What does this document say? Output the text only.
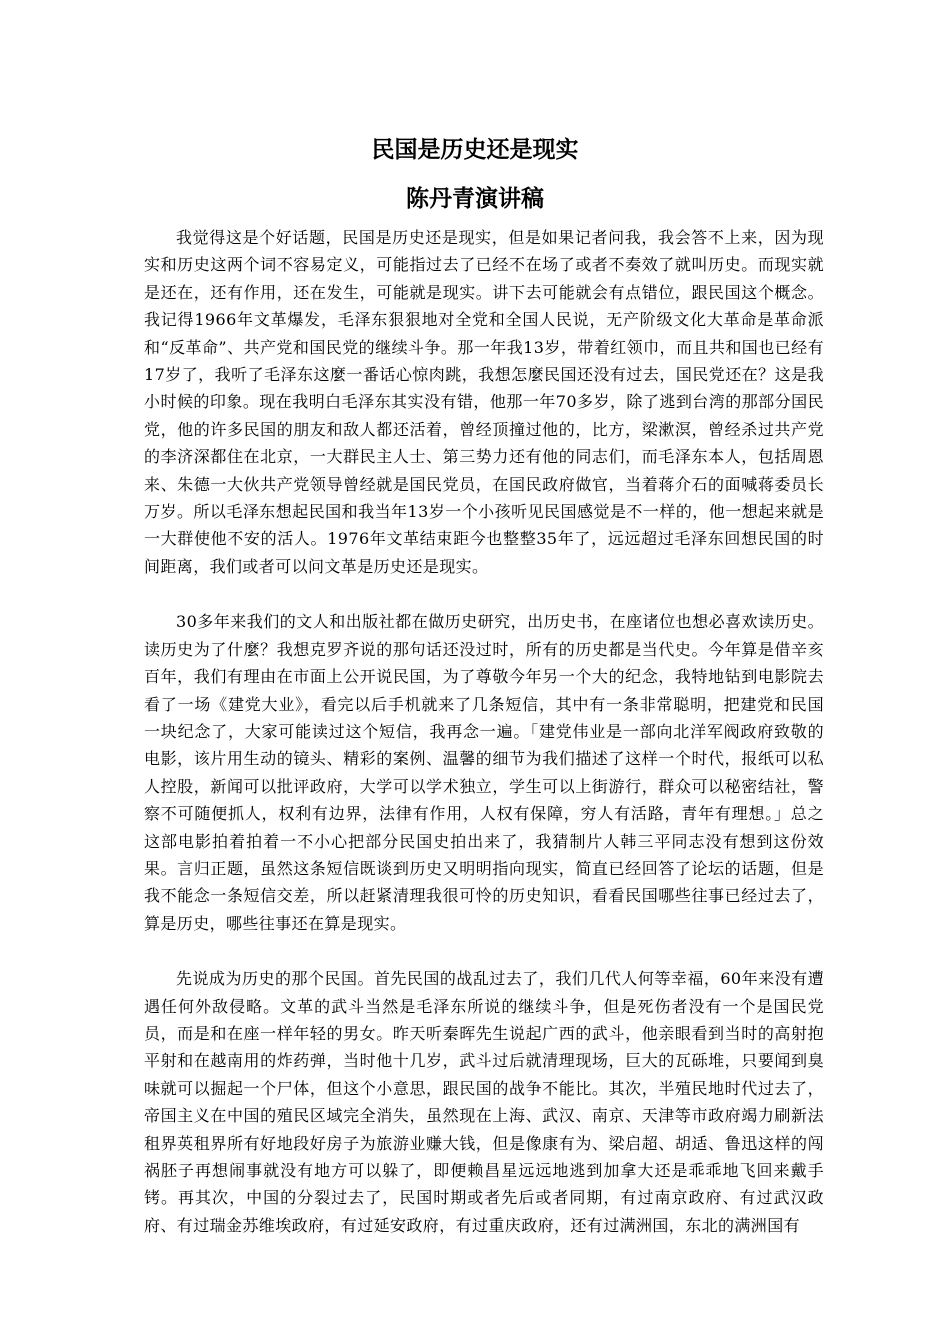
民国是历史还是现实
陈丹青演讲稿

我觉得这是个好话题，民国是历史还是现实，但是如果记者问我，我会答不上来，因为现实和历史这两个词不容易定义，可能指过去了已经不在场了或者不奏效了就叫历史。而现实就是还在，还有作用，还在发生，可能就是现实。讲下去可能就会有点错位，跟民国这个概念。我记得1966年文革爆发，毛泽东狠狠地对全党和全国人民说，无产阶级文化大革命是革命派和“反革命”、共产党和国民党的继续斗争。那一年我13岁，带着红领巾，而且共和国也已经有17岁了，我听了毛泽东这麼一番话心惊肉跳，我想怎麼民国还没有过去，国民党还在？这是我小时候的印象。现在我明白毛泽东其实没有错，他那一年70多岁，除了逃到台湾的那部分国民党，他的许多民国的朋友和敌人都还活着，曾经顶撞过他的，比方，梁漱溟，曾经杀过共产党的李济深都住在北京，一大群民主人士、第三势力还有他的同志们，而毛泽东本人，包括周恩来、朱德一大伙共产党领导曾经就是国民党员，在国民政府做官，当着蒋介石的面喊蒋委员长万岁。所以毛泽东想起民国和我当年13岁一个小孩听见民国感觉是不一样的，他一想起来就是一大群使他不安的活人。1976年文革结束距今也整整35年了，远远超过毛泽东回想民国的时间距离，我们或者可以问文革是历史还是现实。

30多年来我们的文人和出版社都在做历史研究，出历史书，在座诸位也想必喜欢读历史。读历史为了什麼？我想克罗齐说的那句话还没过时，所有的历史都是当代史。今年算是借辛亥百年，我们有理由在市面上公开说民国，为了尊敬今年另一个大的纪念，我特地钻到电影院去看了一场《建党大业》，看完以后手机就来了几条短信，其中有一条非常聪明，把建党和民国一块纪念了，大家可能读过这个短信，我再念一遍。「建党伟业是一部向北洋军阀政府致敬的电影，该片用生动的镜头、精彩的案例、温馨的细节为我们描述了这样一个时代，报纸可以私人控股，新闻可以批评政府，大学可以学术独立，学生可以上街游行，群众可以秘密结社，警察不可随便抓人，权利有边界，法律有作用，人权有保障，穷人有活路，青年有理想。」总之这部电影拍着拍着一不小心把部分民国史拍出来了，我猜制片人韩三平同志没有想到这份效果。言归正题，虽然这条短信既谈到历史又明明指向现实，简直已经回答了论坛的话题，但是我不能念一条短信交差，所以赶紧清理我很可怜的历史知识，看看民国哪些往事已经过去了，算是历史，哪些往事还在算是现实。

先说成为历史的那个民国。首先民国的战乱过去了，我们几代人何等幸福，60年来没有遭遇任何外敌侵略。文革的武斗当然是毛泽东所说的继续斗争，但是死伤者没有一个是国民党员，而是和在座一样年轻的男女。昨天听秦晖先生说起广西的武斗，他亲眼看到当时的高射抱平射和在越南用的炸药弹，当时他十几岁，武斗过后就清理现场，巨大的瓦砾堆，只要闻到臭味就可以掘起一个尸体，但这个小意思，跟民国的战争不能比。其次，半殖民地时代过去了，帝国主义在中国的殖民区域完全消失，虽然现在上海、武汉、南京、天津等市政府竭力刷新法租界英租界所有好地段好房子为旅游业赚大钱，但是像康有为、梁启超、胡适、鲁迅这样的闯祸胚子再想闹事就没有地方可以躲了，即便赖昌星远远地逃到加拿大还是乖乖地飞回来戴手铐。再其次，中国的分裂过去了，民国时期或者先后或者同期，有过南京政府、有过武汉政府、有过瑞金苏维埃政府，有过延安政府，有过重庆政府，还有过满洲国，东北的满洲国有
